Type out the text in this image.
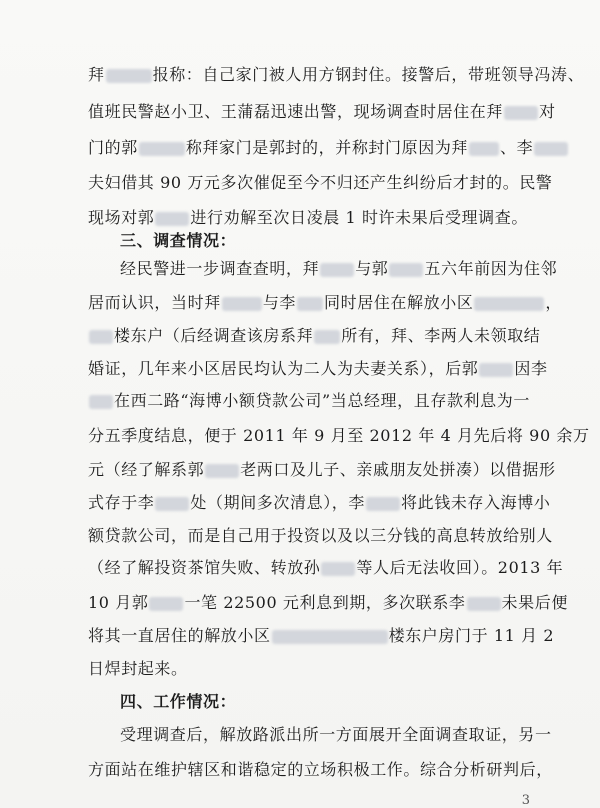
拜	报称：自己家门被人用方钢封住。接警后，带班领导冯涛、
值班民警赵小卫、王蒲磊迅速出警，现场调查时居住在拜 对
门的郭	称拜家门是郭封的，并称封门原因为拜 、李
夫妇借其 90 万元多次催促至今不归还产生纠纷后才封的。民警
现场对郭 进行劝解至次日凌晨 1 时许未果后受理调查。
三、调查情况：
经民警进一步调查查明，拜 与郭 五六年前因为住邻
居而认识，当时拜	与李 同时居住在解放小区	，
楼东户（后经调查该房系拜 所有，拜、李两人未领取结
婚证，几年来小区居民均认为二人为夫妻关系），后郭 因李
在西二路“海博小额贷款公司”当总经理，且存款利息为一
分五季度结息，便于 2011 年 9 月至 2012 年 4 月先后将 90 余万
元（经了解系郭 老两口及儿子、亲戚朋友处拼凑）以借据形
式存于李 处（期间多次清息），李 将此钱未存入海博小
额贷款公司，而是自己用于投资以及以三分钱的高息转放给别人
（经了解投资茶馆失败、转放孙 等人后无法收回）。2013 年
10 月郭 一笔 22500 元利息到期，多次联系李 未果后便
将其一直居住的解放小区	楼东户房门于 11 月 2
日焊封起来。
四、工作情况：
受理调查后，解放路派出所一方面展开全面调查取证，另一
方面站在维护辖区和谐稳定的立场积极工作。综合分析研判后，
3
